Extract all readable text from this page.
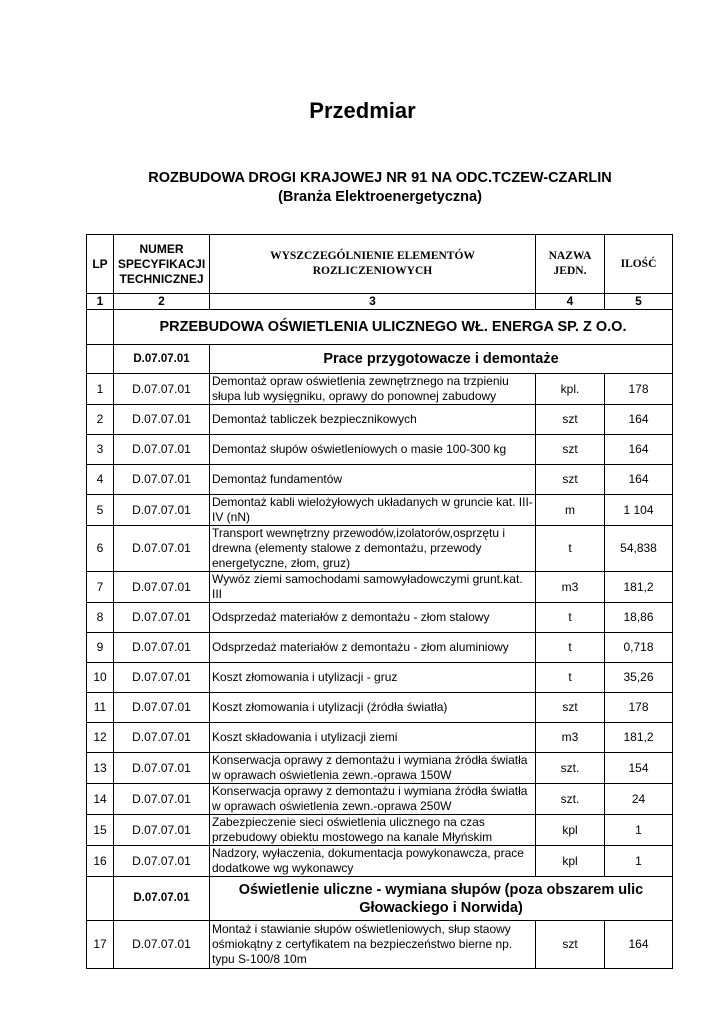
Przedmiar
ROZBUDOWA DROGI KRAJOWEJ NR 91 NA ODC.TCZEW-CZARLIN
(Branża Elektroenergetyczna)
LP	NUMER SPECYFIKACJI TECHNICZNEJ	WYSZCZEGÓLNIENIE ELEMENTÓW ROZLICZENIOWYCH	NAZWA JEDN.	ILOŚĆ
1	2	3	4	5
	PRZEBUDOWA OŚWIETLENIA ULICZNEGO WŁ. ENERGA SP. Z O.O.			
	D.07.07.01	Prace przygotowacze i demontaże		
1	D.07.07.01	Demontaż opraw oświetlenia zewnętrznego na trzpieniu słupa lub wysięgniku, oprawy do ponownej zabudowy	kpl.	178
2	D.07.07.01	Demontaż tabliczek bezpiecznikowych	szt	164
3	D.07.07.01	Demontaż słupów oświetleniowych o masie 100-300 kg	szt	164
4	D.07.07.01	Demontaż fundamentów	szt	164
5	D.07.07.01	Demontaż kabli wielożyłowych układanych w gruncie kat. III-IV (nN)	m	1 104
6	D.07.07.01	Transport wewnętrzny przewodów,izolatorów,osprzętu i drewna (elementy stalowe z demontażu, przewody energetyczne, złom, gruz)	t	54,838
7	D.07.07.01	Wywóz ziemi samochodami samowyładowczymi grunt.kat. III	m3	181,2
8	D.07.07.01	Odsprzedaż materiałów z demontażu - złom stalowy	t	18,86
9	D.07.07.01	Odsprzedaż materiałów z demontażu - złom aluminiowy	t	0,718
10	D.07.07.01	Koszt złomowania i utylizacji - gruz	t	35,26
11	D.07.07.01	Koszt złomowania i utylizacji (źródła światła)	szt	178
12	D.07.07.01	Koszt składowania i utylizacji ziemi	m3	181,2
13	D.07.07.01	Konserwacja oprawy z demontażu i wymiana źródła światła w oprawach oświetlenia zewn.-oprawa 150W	szt.	154
14	D.07.07.01	Konserwacja oprawy z demontażu i wymiana źródła światła w oprawach oświetlenia zewn.-oprawa 250W	szt.	24
15	D.07.07.01	Zabezpieczenie sieci oświetlenia ulicznego na czas przebudowy obiektu mostowego na kanale Młyńskim	kpl	1
16	D.07.07.01	Nadzory, wyłaczenia, dokumentacja powykonawcza, prace dodatkowe wg wykonawcy	kpl	1
	D.07.07.01	Oświetlenie uliczne - wymiana słupów (poza obszarem ulic Głowackiego i Norwida)		
17	D.07.07.01	Montaż i stawianie słupów oświetleniowych, słup staowy ośmiokątny z certyfikatem na bezpieczeństwo bierne np. typu S-100/8 10m	szt	164
